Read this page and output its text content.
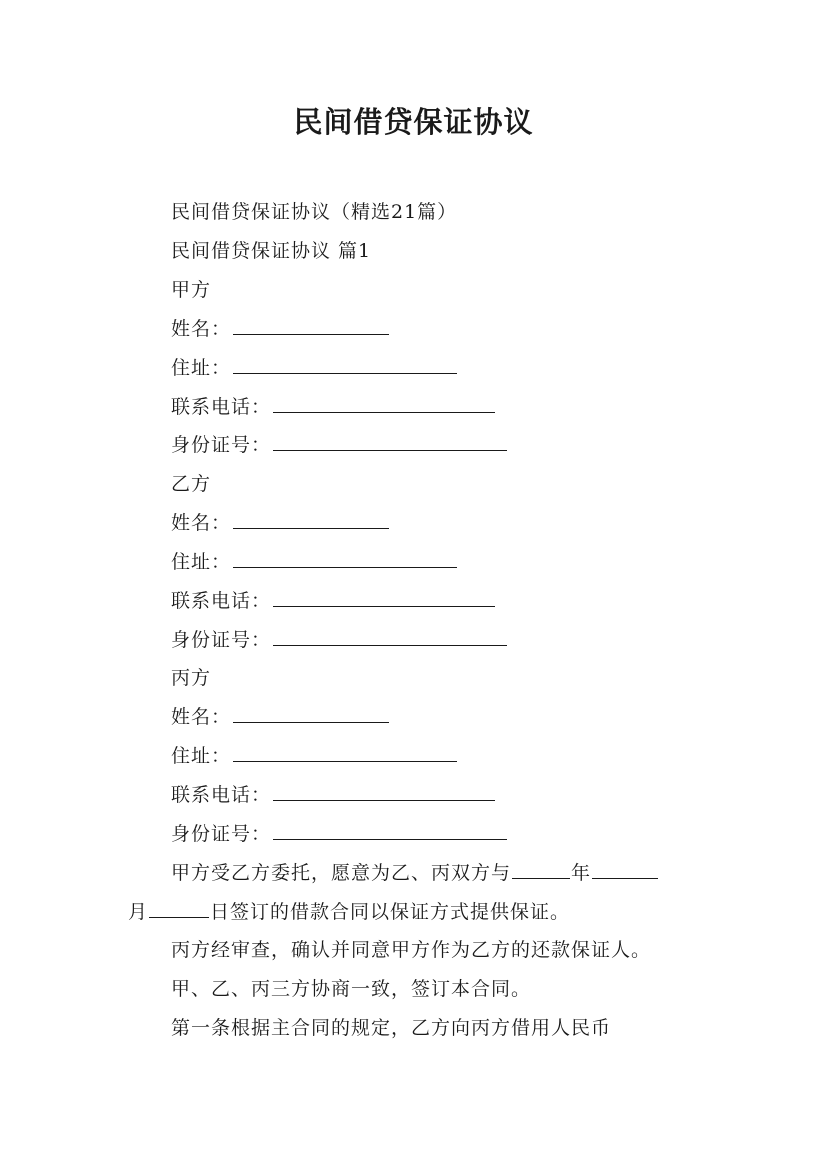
民间借贷保证协议

民间借贷保证协议（精选21篇）

民间借贷保证协议 篇1

甲方

姓名：

住址：

联系电话：

身份证号：

乙方

姓名：

住址：

联系电话：

身份证号：

丙方

姓名：

住址：

联系电话：

身份证号：

甲方受乙方委托，愿意为乙、丙双方与	年

月	日签订的借款合同以保证方式提供保证。

丙方经审查，确认并同意甲方作为乙方的还款保证人。

甲、乙、丙三方协商一致，签订本合同。

第一条根据主合同的规定，乙方向丙方借用人民币
